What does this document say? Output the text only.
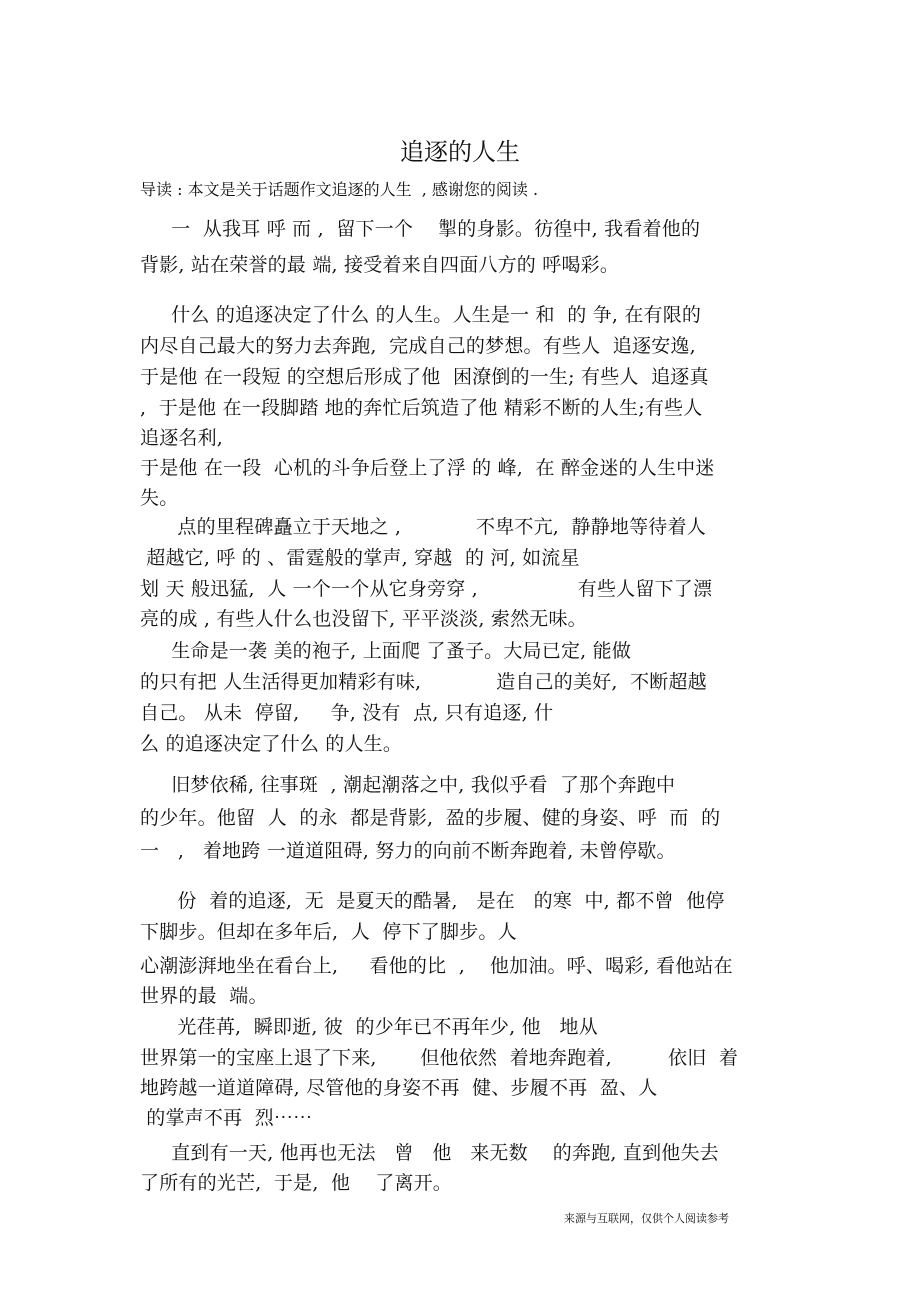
追逐的人生
导读 : 本文是关于话题作文追逐的人生  , 感谢您的阅读 .
一  从我耳 呼 而 ,  留下一个    掣的身影。彷徨中, 我看着他的
背影, 站在荣誉的最 端, 接受着来自四面八方的 呼喝彩。
什么 的追逐决定了什么 的人生。人生是一 和  的 争, 在有限的
内尽自己最大的努力去奔跑,  完成自己的梦想。有些人  追逐安逸,
于是他 在一段短 的空想后形成了他  困潦倒的一生; 有些人  追逐真
,  于是他 在一段脚踏 地的奔忙后筑造了他 精彩不断的人生;有些人
追逐名利,
于是他 在一段  心机的斗争后登上了浮 的 峰,  在 醉金迷的人生中迷
失。
点的里程碑矗立于天地之 ,            不卑不亢,  静静地等待着人
超越它, 呼 的 、雷霆般的掌声, 穿越  的 河, 如流星
划 天 般迅猛,  人 一个一个从它身旁穿 ,                有些人留下了漂
亮的成 , 有些人什么也没留下, 平平淡淡, 索然无味。
生命是一袭 美的袍子, 上面爬 了蚤子。大局已定, 能做
的只有把 人生活得更加精彩有味,            造自己的美好,  不断超越
自己。 从未  停留,     争, 没有  点, 只有追逐, 什
么 的追逐决定了什么 的人生。
旧梦依稀, 往事斑  , 潮起潮落之中, 我似乎看  了那个奔跑中
的少年。他留  人  的永  都是背影,  盈的步履、健的身姿、呼  而  的
一   ,   着地跨 一道道阻碍, 努力的向前不断奔跑着, 未曾停歇。
份  着的追逐,  无  是夏天的酷暑,   是在   的寒  中, 都不曾  他停
下脚步。但却在多年后,  人  停下了脚步。人
心潮澎湃地坐在看台上,     看他的比  ,    他加油。呼、喝彩, 看他站在
世界的最  端。
光荏苒,  瞬即逝, 彼  的少年已不再年少, 他   地从
世界第一的宝座上退了下来,       但他依然  着地奔跑着,         依旧  着
地跨越一道道障碍, 尽管他的身姿不再  健、步履不再  盈、人
的掌声不再  烈⋯⋯
直到有一天, 他再也无法   曾   他   来无数    的奔跑, 直到他失去
了所有的光芒,  于是,  他    了离开。
来源与互联网，仅供个人阅读参考
